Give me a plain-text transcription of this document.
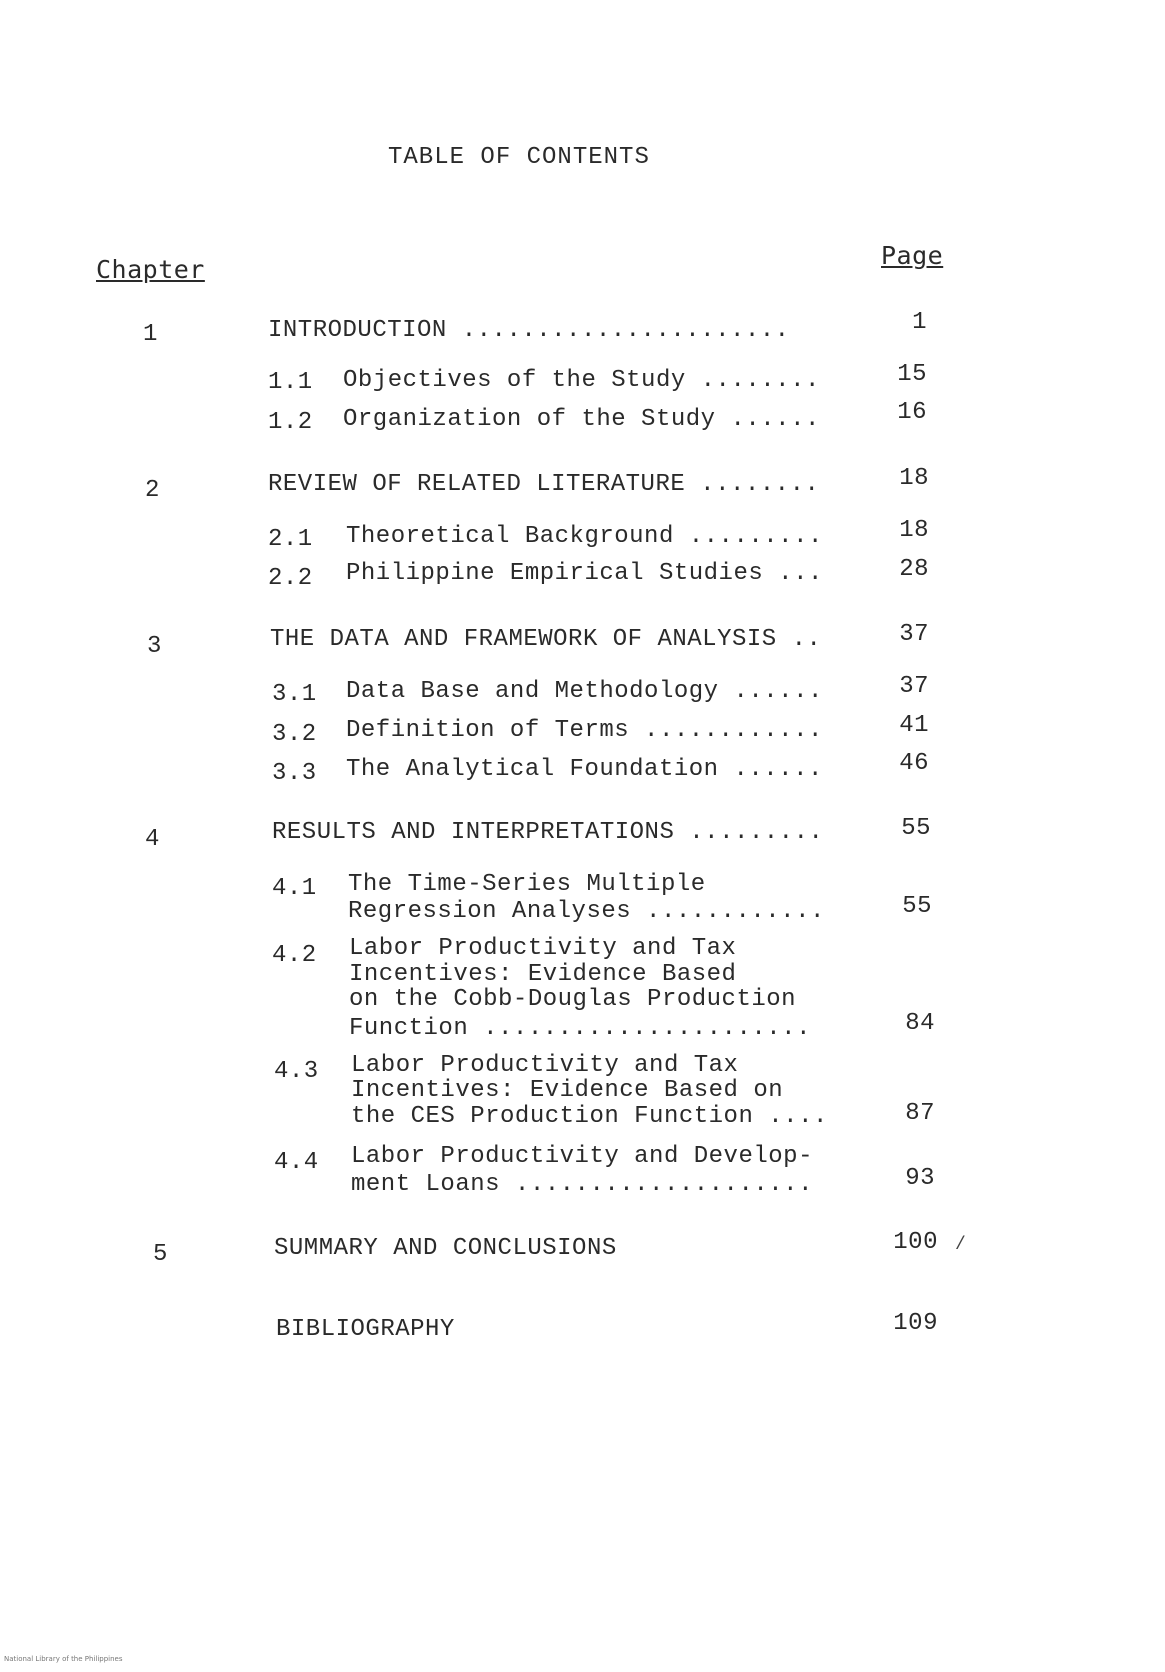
TABLE OF CONTENTS
Chapter	Page
1	INTRODUCTION ......................	1
1.1 Objectives of the Study ........	15
1.2 Organization of the Study ......	16
2	REVIEW OF RELATED LITERATURE ........	18
2.1 Theoretical Background .........	18
2.2 Philippine Empirical Studies ...	28
3	THE DATA AND FRAMEWORK OF ANALYSIS ..	37
3.1 Data Base and Methodology ......	37
3.2 Definition of Terms ............	41
3.3 The Analytical Foundation ......	46
4	RESULTS AND INTERPRETATIONS .........	55
4.1 The Time-Series Multiple
Regression Analyses ............	55
4.2 Labor Productivity and Tax
Incentives: Evidence Based
on the Cobb-Douglas Production
Function ......................	84
4.3 Labor Productivity and Tax
Incentives: Evidence Based on
the CES Production Function ....	87
4.4 Labor Productivity and Develop-
ment Loans ....................	93
5	SUMMARY AND CONCLUSIONS	100 /
BIBLIOGRAPHY	109
National Library of the Philippines
